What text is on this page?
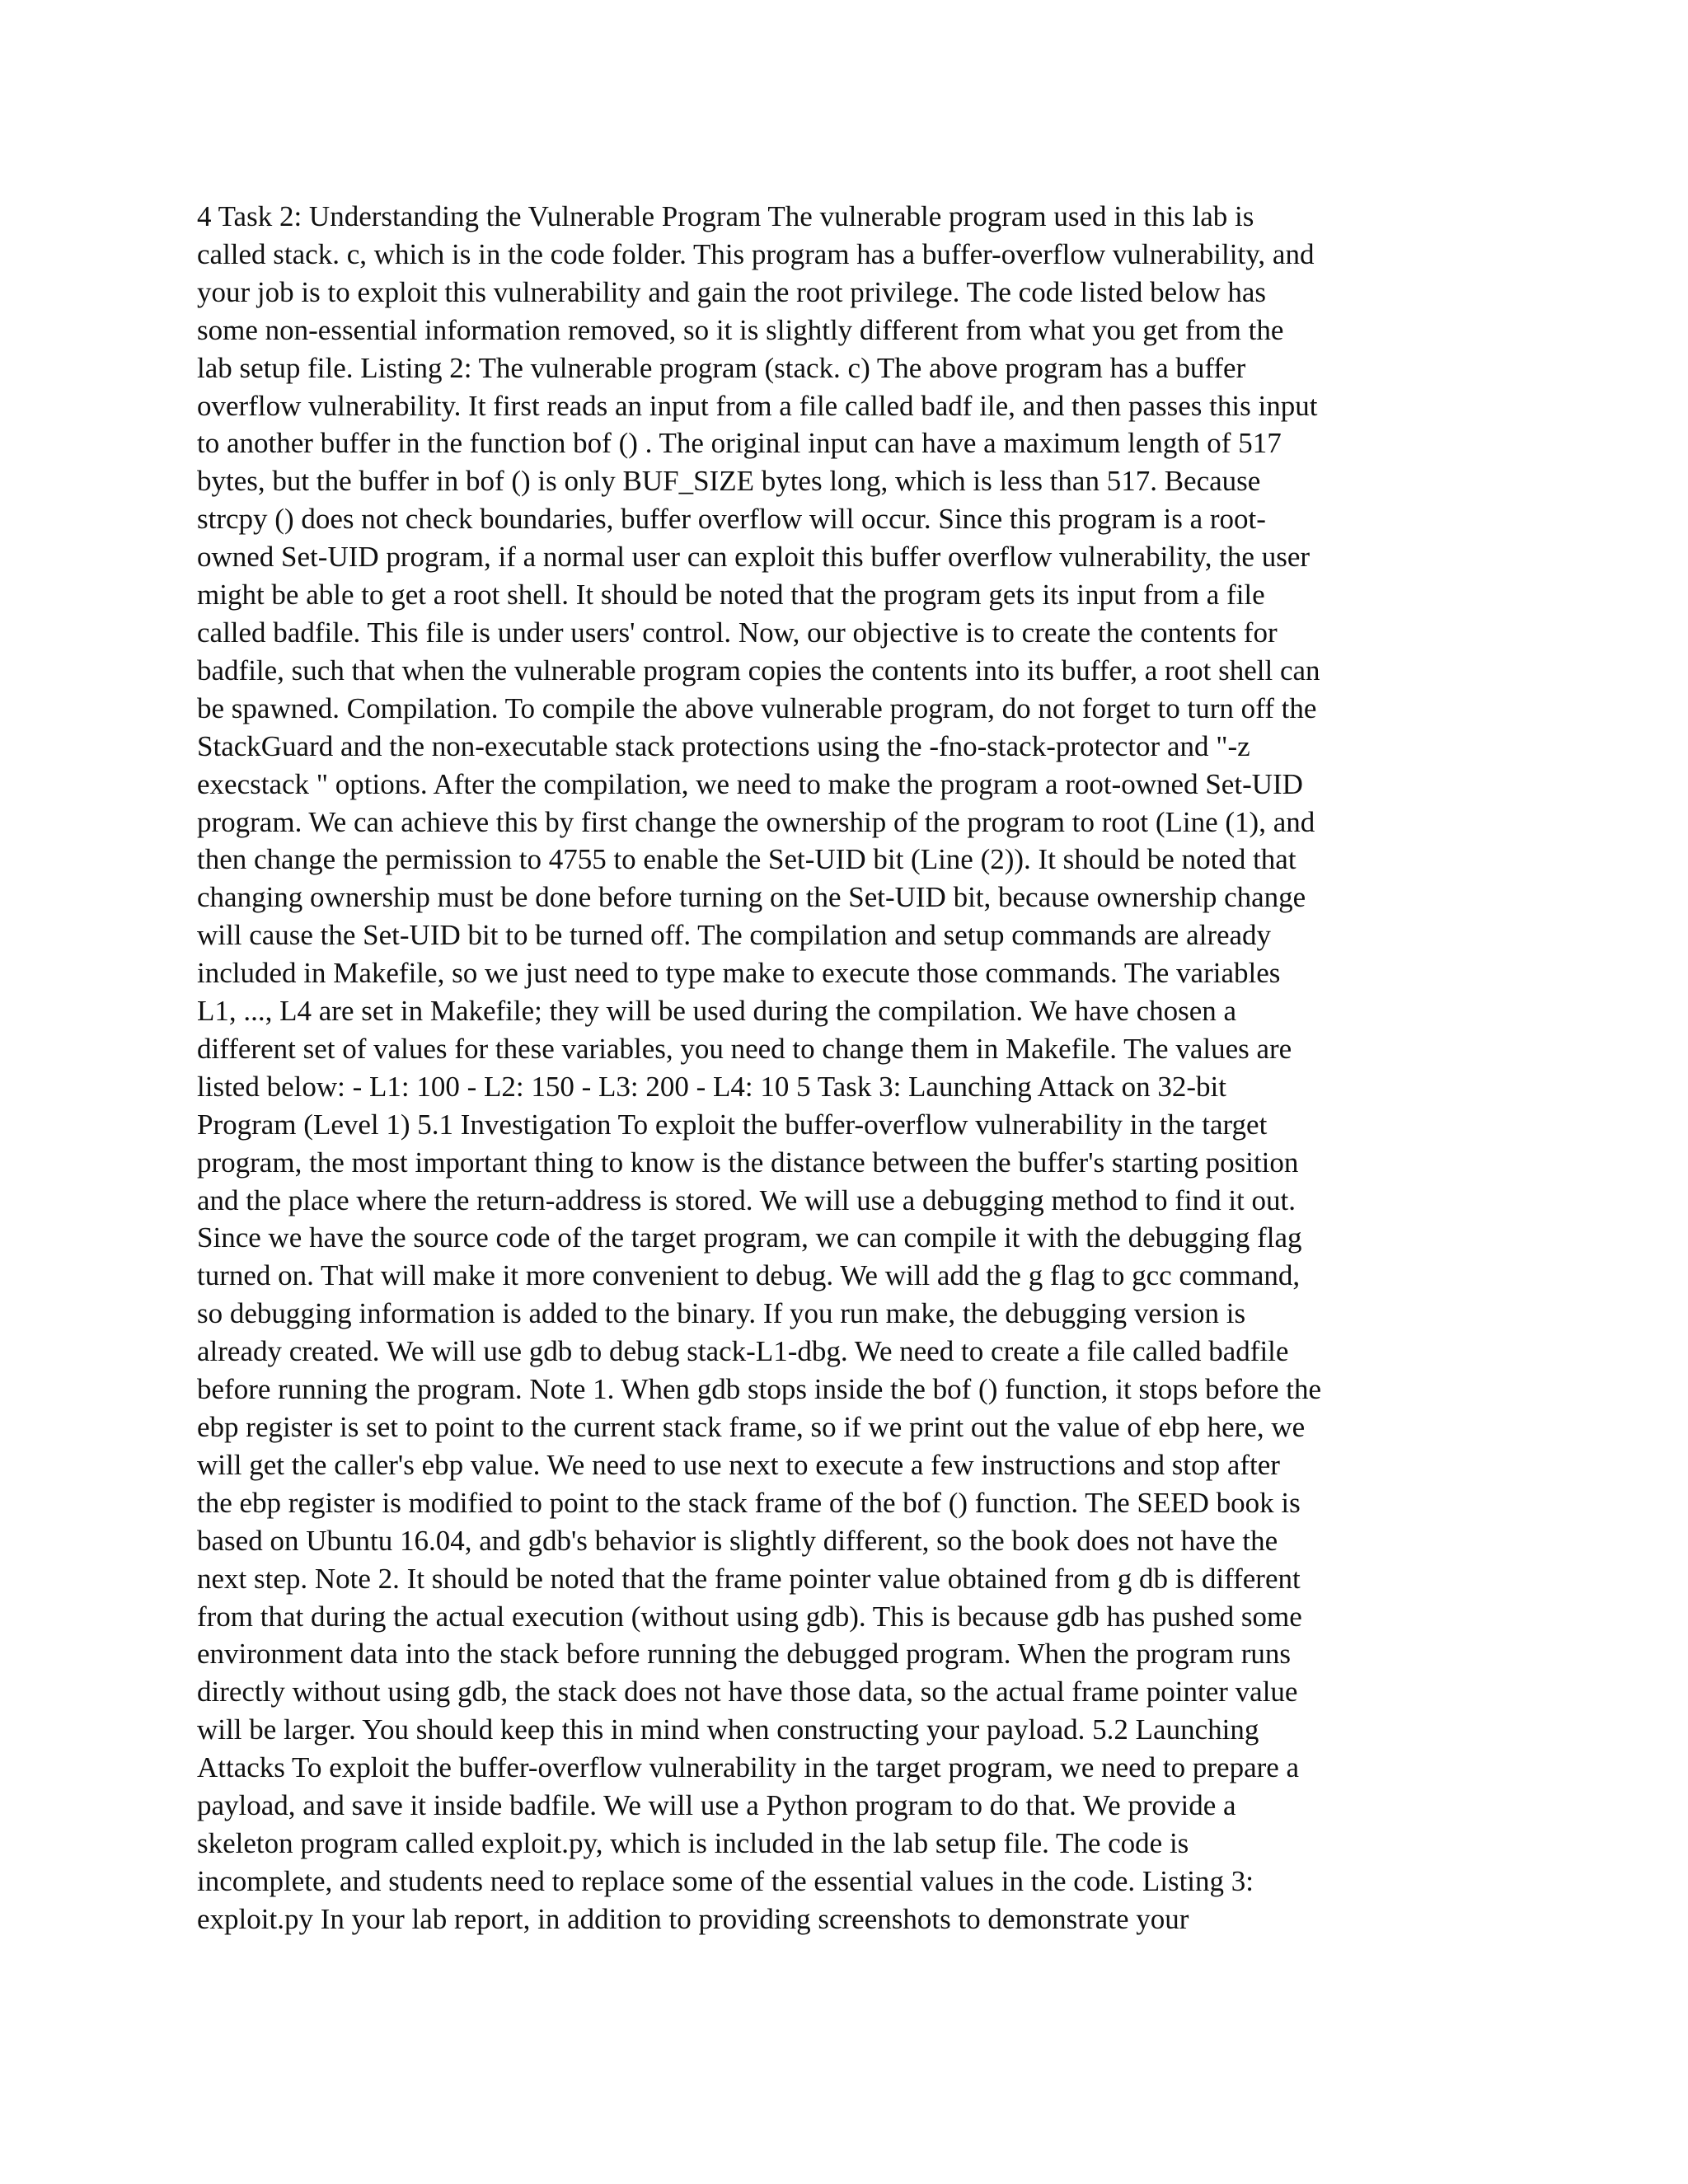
4 Task 2: Understanding the Vulnerable Program The vulnerable program used in this lab is
called stack. c, which is in the code folder. This program has a buffer-overflow vulnerability, and
your job is to exploit this vulnerability and gain the root privilege. The code listed below has
some non-essential information removed, so it is slightly different from what you get from the
lab setup file. Listing 2: The vulnerable program (stack. c) The above program has a buffer
overflow vulnerability. It first reads an input from a file called badf ile, and then passes this input
to another buffer in the function bof () . The original input can have a maximum length of 517
bytes, but the buffer in bof () is only BUF_SIZE bytes long, which is less than 517. Because
strcpy () does not check boundaries, buffer overflow will occur. Since this program is a root-
owned Set-UID program, if a normal user can exploit this buffer overflow vulnerability, the user
might be able to get a root shell. It should be noted that the program gets its input from a file
called badfile. This file is under users' control. Now, our objective is to create the contents for
badfile, such that when the vulnerable program copies the contents into its buffer, a root shell can
be spawned. Compilation. To compile the above vulnerable program, do not forget to turn off the
StackGuard and the non-executable stack protections using the -fno-stack-protector and "-z
execstack " options. After the compilation, we need to make the program a root-owned Set-UID
program. We can achieve this by first change the ownership of the program to root (Line (1), and
then change the permission to 4755 to enable the Set-UID bit (Line (2)). It should be noted that
changing ownership must be done before turning on the Set-UID bit, because ownership change
will cause the Set-UID bit to be turned off. The compilation and setup commands are already
included in Makefile, so we just need to type make to execute those commands. The variables
L1, ..., L4 are set in Makefile; they will be used during the compilation. We have chosen a
different set of values for these variables, you need to change them in Makefile. The values are
listed below: - L1: 100 - L2: 150 - L3: 200 - L4: 10 5 Task 3: Launching Attack on 32-bit
Program (Level 1) 5.1 Investigation To exploit the buffer-overflow vulnerability in the target
program, the most important thing to know is the distance between the buffer's starting position
and the place where the return-address is stored. We will use a debugging method to find it out.
Since we have the source code of the target program, we can compile it with the debugging flag
turned on. That will make it more convenient to debug. We will add the g flag to gcc command,
so debugging information is added to the binary. If you run make, the debugging version is
already created. We will use gdb to debug stack-L1-dbg. We need to create a file called badfile
before running the program. Note 1. When gdb stops inside the bof () function, it stops before the
ebp register is set to point to the current stack frame, so if we print out the value of ebp here, we
will get the caller's ebp value. We need to use next to execute a few instructions and stop after
the ebp register is modified to point to the stack frame of the bof () function. The SEED book is
based on Ubuntu 16.04, and gdb's behavior is slightly different, so the book does not have the
next step. Note 2. It should be noted that the frame pointer value obtained from g db is different
from that during the actual execution (without using gdb). This is because gdb has pushed some
environment data into the stack before running the debugged program. When the program runs
directly without using gdb, the stack does not have those data, so the actual frame pointer value
will be larger. You should keep this in mind when constructing your payload. 5.2 Launching
Attacks To exploit the buffer-overflow vulnerability in the target program, we need to prepare a
payload, and save it inside badfile. We will use a Python program to do that. We provide a
skeleton program called exploit.py, which is included in the lab setup file. The code is
incomplete, and students need to replace some of the essential values in the code. Listing 3:
exploit.py In your lab report, in addition to providing screenshots to demonstrate your
